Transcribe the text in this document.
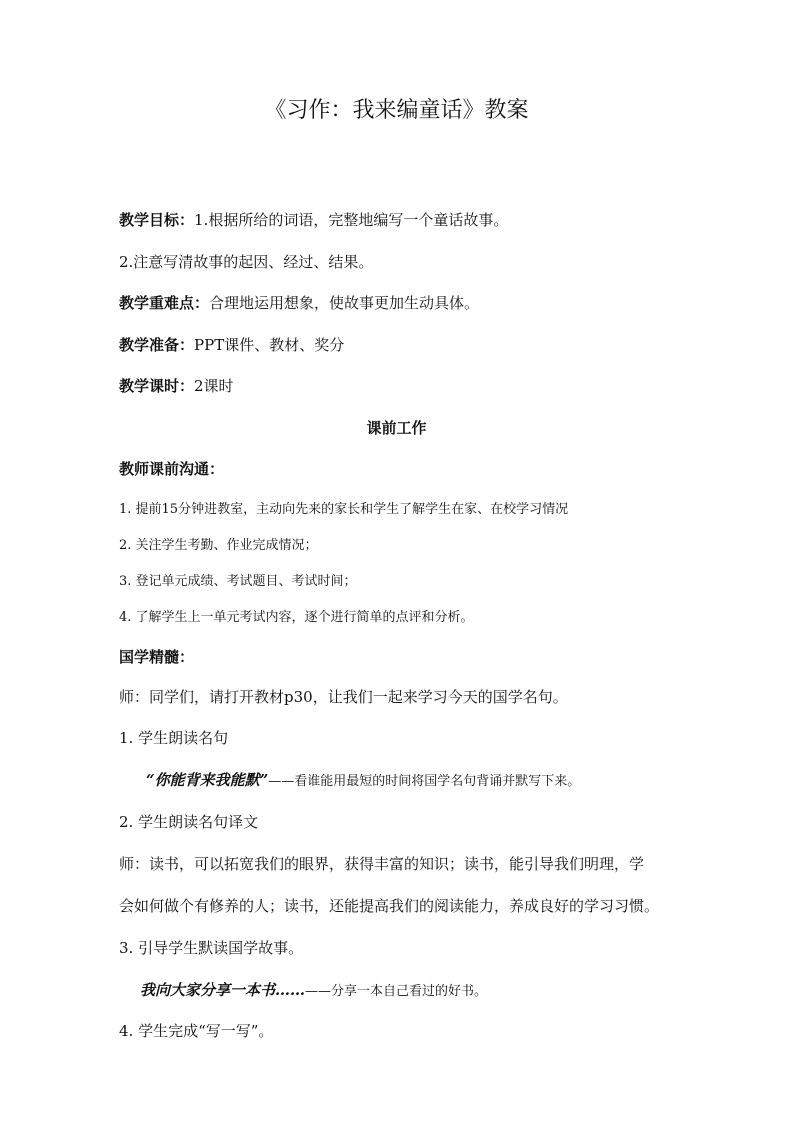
《习作：我来编童话》教案
教学目标：1.根据所给的词语，完整地编写一个童话故事。
2.注意写清故事的起因、经过、结果。
教学重难点：合理地运用想象，使故事更加生动具体。
教学准备：PPT课件、教材、奖分
教学课时：2课时
课前工作
教师课前沟通：
1. 提前15分钟进教室，主动向先来的家长和学生了解学生在家、在校学习情况
2. 关注学生考勤、作业完成情况；
3. 登记单元成绩、考试题目、考试时间；
4. 了解学生上一单元考试内容，逐个进行简单的点评和分析。
国学精髓：
师：同学们，请打开教材p30，让我们一起来学习今天的国学名句。
1. 学生朗读名句
“你能背来我能默”——看谁能用最短的时间将国学名句背诵并默写下来。
2. 学生朗读名句译文
师：读书，可以拓宽我们的眼界，获得丰富的知识；读书，能引导我们明理，学
会如何做个有修养的人；读书，还能提高我们的阅读能力，养成良好的学习习惯。
3. 引导学生默读国学故事。
我向大家分享一本书……——分享一本自己看过的好书。
4. 学生完成“写一写”。
